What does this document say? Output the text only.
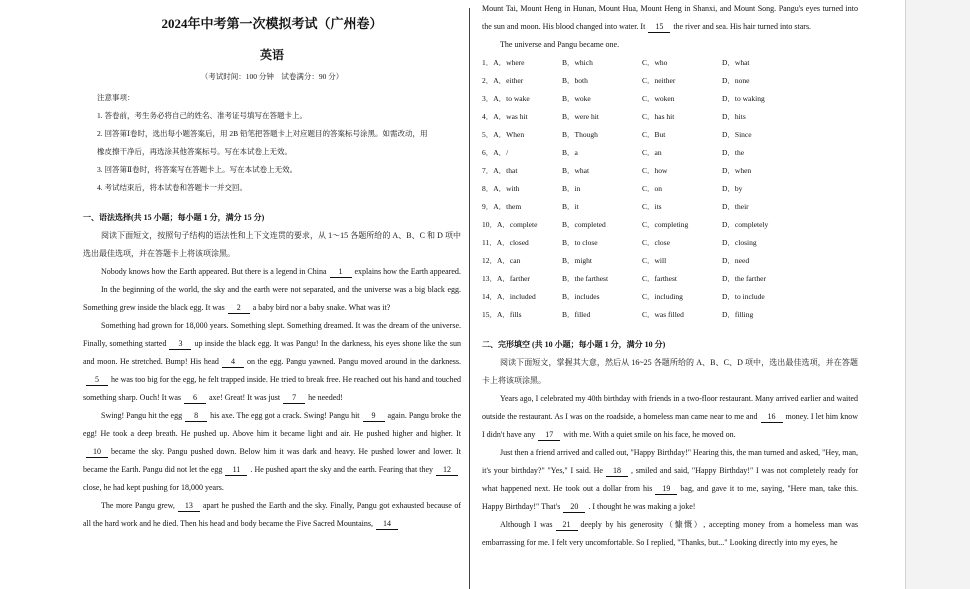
2024年中考第一次模拟考试（广州卷）
英语
（考试时间：100 分钟　试卷满分：90 分）
注意事项：
1. 答卷前，考生务必将自己的姓名、准考证号填写在答题卡上。
2. 回答第Ⅰ卷时，选出每小题答案后，用 2B 铅笔把答题卡上对应题目的答案标号涂黑。如需改动，用
橡皮擦干净后，再选涂其他答案标号。写在本试卷上无效。
3. 回答第Ⅱ卷时，将答案写在答题卡上。写在本试卷上无效。
4. 考试结束后，将本试卷和答题卡一并交回。
一、语法选择(共 15 小题；每小题 1 分，满分 15 分)

阅读下面短文，按照句子结构的语法性和上下文连贯的要求，从 1～15 各题所给的 A、B、C 和 D 项中选出最佳选项，并在答题卡上将该项涂黑。

Nobody knows how the Earth appeared. But there is a legend in China 1 explains how the Earth appeared.

In the beginning of the world, the sky and the earth were not separated, and the universe was a big black egg. Something grew inside the black egg. It was 2 a baby bird nor a baby snake. What was it?

Something had grown for 18,000 years. Something slept. Something dreamed. It was the dream of the universe. Finally, something started 3 up inside the black egg. It was Pangu! In the darkness, his eyes shone like the sun and moon. He stretched. Bump! His head 4 on the egg. Pangu yawned. Pangu moved around in the darkness.5 he was too big for the egg, he felt trapped inside. He tried to break free. He reached out his hand and touched something sharp. Ouch! It was 6 axe! Great! It was just 7 he needed!

Swing! Pangu hit the egg 8 his axe. The egg got a crack. Swing! Pangu hit 9 again. Pangu broke the egg! He took a deep breath. He pushed up. Above him it became light and air. He pushed higher and higher. It10 became the sky. Pangu pushed down. Below him it was dark and heavy. He pushed lower and lower. It became the Earth. Pangu did not let the egg 11 . He pushed apart the sky and the earth. Fearing that they 12close, he had kept pushing for 18,000 years.

The more Pangu grew, 13 apart he pushed the Earth and the sky. Finally, Pangu got exhausted because of all the hard work and he died. Then his head and body became the Five Sacred Mountains, 14

Mount Tai, Mount Heng in Hunan, Mount Hua, Mount Heng in Shanxi, and Mount Song. Pangu's eyes turned into the sun and moon. His blood changed into water. It 15 the river and sea. His hair turned into stars.

The universe and Pangu became one.

1．A．where	B．which	C．who	D．what
2．A．either	B．both	C．neither	D．none
3．A．to wake	B．woke	C．woken	D．to waking
4．A．was hit	B．were hit	C．has hit	D．hits
5．A．When	B．Though	C．But	D．Since
6．A．/	B．a	C．an	D．the
7．A．that	B．what	C．how	D．when
8．A．with	B．in	C．on	D．by
9．A．them	B．it	C．its	D．their
10．A．complete	B．completed	C．completing	D．completely
11．A．closed	B．to close	C．close	D．closing
12．A．can	B．might	C．will	D．need
13．A．farther	B．the farthest	C．farthest	D．the farther
14．A．included	B．includes	C．including	D．to include
15．A．fills	B．filled	C．was filled	D．filling
二、完形填空 (共 10 小题；每小题 1 分，满分 10 分)

阅读下面短文，掌握其大意，然后从 16~25 各题所给的 A、B、C、D 项中，选出最佳选项，并在答题卡上将该项涂黑。

Years ago, I celebrated my 40th birthday with friends in a two-floor restaurant. Many arrived earlier and waited outside the restaurant. As I was on the roadside, a homeless man came near to me and 16 money. I let him know I didn't have any 17 with me. With a quiet smile on his face, he moved on.

Just then a friend arrived and called out, "Happy Birthday!" Hearing this, the man turned and asked, "Hey, man, it's your birthday?" "Yes," I said. He 18 , smiled and said, "Happy Birthday!" I was not completely ready for what happened next. He took out a dollar from his 19 bag, and gave it to me, saying, "Here man, take this. Happy Birthday!" That's 20 . I thought he was making a joke!

Although I was 21 deeply by his generosity（慷慨）, accepting money from a homeless man was embarrassing for me. I felt very uncomfortable. So I replied, "Thanks, but..." Looking directly into my eyes, he
